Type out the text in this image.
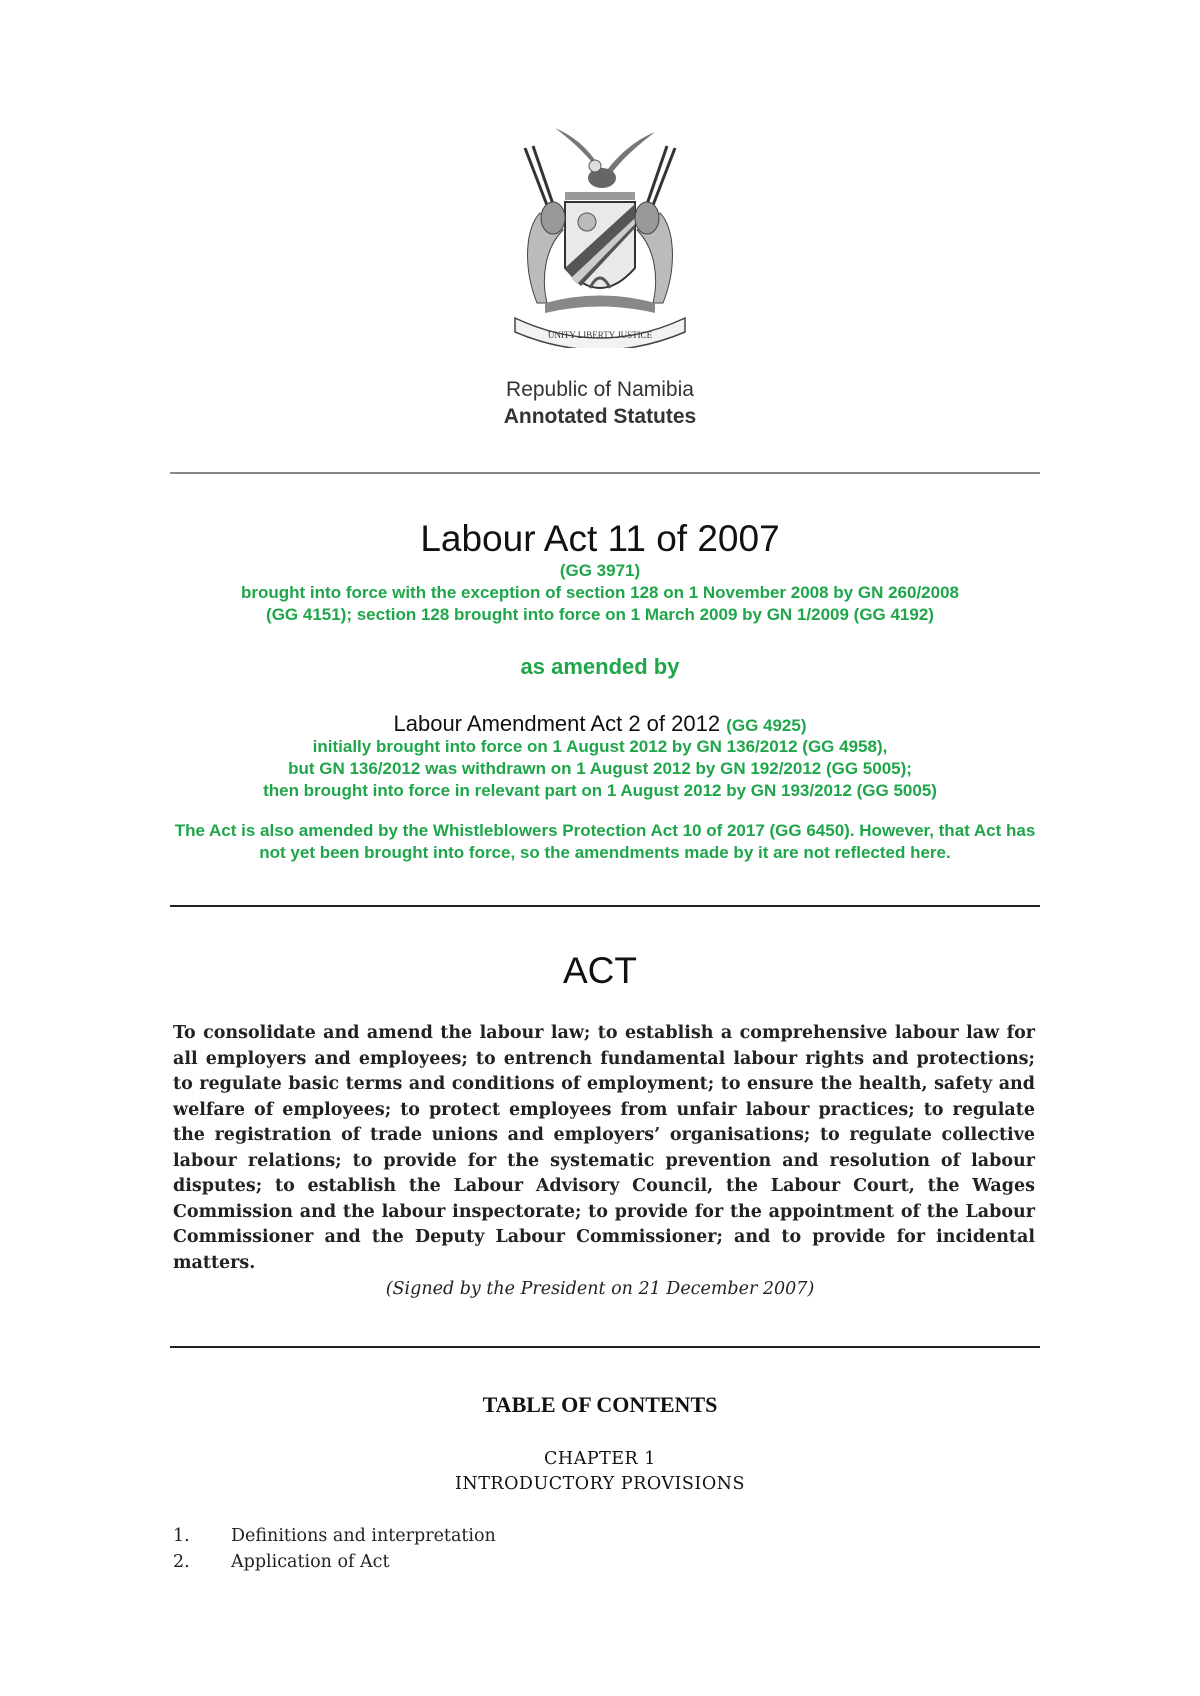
UNITY LIBERTY JUSTICE
Republic of Namibia
Annotated Statutes
Labour Act 11 of 2007
(GG 3971)
brought into force with the exception of section 128 on 1 November 2008 by GN 260/2008
(GG 4151); section 128 brought into force on 1 March 2009 by GN 1/2009 (GG 4192)
as amended by
Labour Amendment Act 2 of 2012 (GG 4925)
initially brought into force on 1 August 2012 by GN 136/2012 (GG 4958),
but GN 136/2012 was withdrawn on 1 August 2012 by GN 192/2012 (GG 5005);
then brought into force in relevant part on 1 August 2012 by GN 193/2012 (GG 5005)
The Act is also amended by the Whistleblowers Protection Act 10 of 2017 (GG 6450). However, that Act has not yet been brought into force, so the amendments made by it are not reflected here.
ACT

To consolidate and amend the labour law; to establish a comprehensive labour law for all employers and employees; to entrench fundamental labour rights and protections; to regulate basic terms and conditions of employment; to ensure the health, safety and welfare of employees; to protect employees from unfair labour practices; to regulate the registration of trade unions and employers’ organisations; to regulate collective labour relations; to provide for the systematic prevention and resolution of labour disputes; to establish the Labour Advisory Council, the Labour Court, the Wages Commission and the labour inspectorate; to provide for the appointment of the Labour Commissioner and the Deputy Labour Commissioner; and to provide for incidental matters.

(Signed by the President on 21 December 2007)
TABLE OF CONTENTS
CHAPTER 1
INTRODUCTORY PROVISIONS
1. Definitions and interpretation
2. Application of Act
